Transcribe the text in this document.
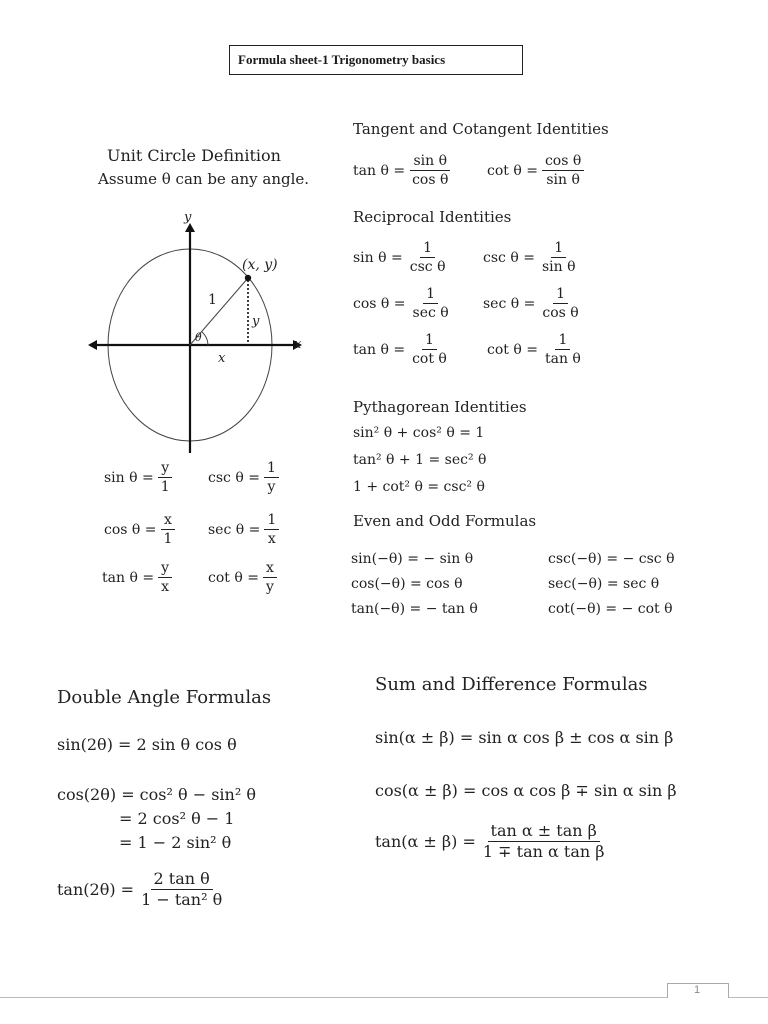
Formula sheet-1 Trigonometry basics
Unit Circle Definition
Assume θ can be any angle.
y
x
(x, y)
1
y
x
θ
$\sin \theta = \frac{y}{1}$	$\csc \theta = \frac{1}{y}$
$\cos \theta = \frac{x}{1}$ $\sec \theta = \frac{1}{x}$
$\tan \theta = \frac{y}{x}$	$\cot \theta = \frac{x}{y}$
Tangent and Cotangent Identities
$\tan \theta = \frac{\text{sin θ}}{\text{cos θ}}$	$\cot \theta = \frac{\text{cos θ}}{\text{sin θ}}$
Reciprocal Identities
$\sin \theta = \frac{1}{\text{csc θ}}$ $\csc \theta = \frac{1}{\text{sin θ}}$
$\cos \theta = \frac{1}{\text{sec θ}}$ $\sec \theta = \frac{1}{\text{cos θ}}$
$\tan \theta = \frac{1}{\text{cot θ}}$	$\cot \theta = \frac{1}{\text{tan θ}}$
Pythagorean Identities
sin² θ + cos² θ = 1
tan² θ + 1 = sec² θ
1 + cot² θ = csc² θ
Even and Odd Formulas
sin(−θ) = − sin θ	csc(−θ) = − csc θ
cos(−θ) = cos θ	sec(−θ) = sec θ
tan(−θ) = − tan θ	cot(−θ) = − cot θ
Double Angle Formulas
sin(2θ) = 2 sin θ cos θ
cos(2θ) = cos² θ − sin² θ
= 2 cos² θ − 1
= 1 − 2 sin² θ
$\tan(2\theta) = \frac{\text{2 tan θ}}{\text{1 − tan² θ}}$
Sum and Difference Formulas
sin(α ± β) = sin α cos β ± cos α sin β
cos(α ± β) = cos α cos β ∓ sin α sin β
$\tan(\alpha \pm \beta) = \frac{\text{tan α ± tan β}}{\text{1 ∓ tan α tan β}}$
1
